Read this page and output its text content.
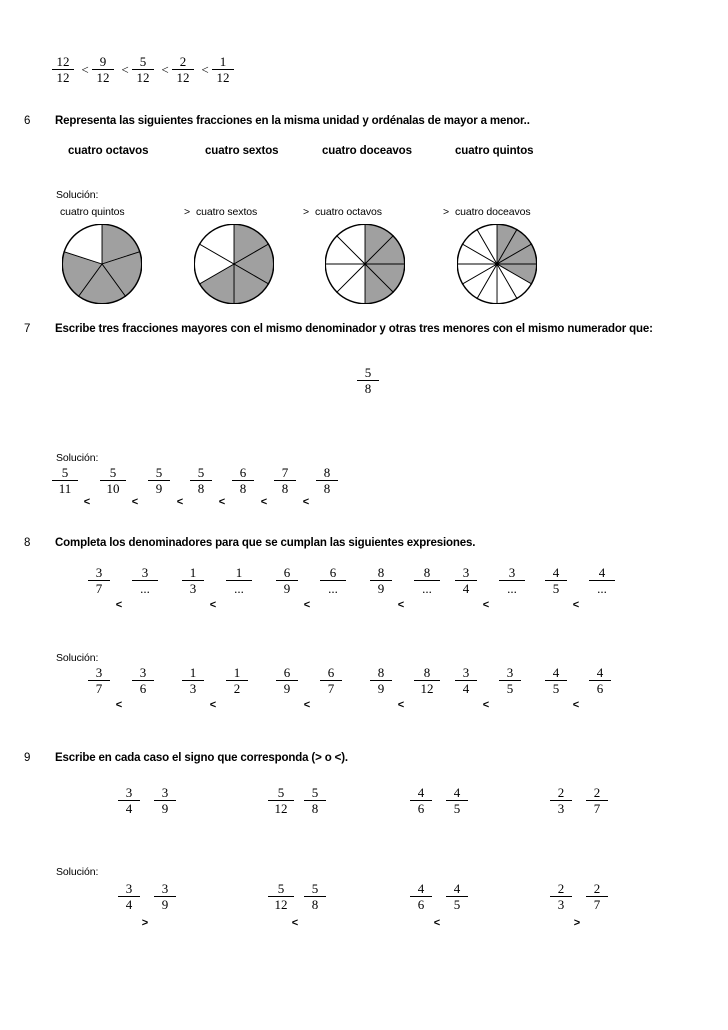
12
12
<
9
12
<
5
12
<
2
12
<
1
12
6 Representa las siguientes fracciones en la misma unidad y ordénalas de mayor a menor..
cuatro octavos	cuatro sextos	cuatro doceavos	cuatro quintos
Solución:
cuatro quintos	> cuatro sextos	> cuatro octavos	> cuatro doceavos
7 Escribe tres fracciones mayores con el mismo denominador y otras tres menores con el mismo numerador que:
5
8
Solución:
5
11
5
10
5
9
5
8
6
8
7
8
8
8
<	<	<	<	<	<
8 Completa los denominadores para que se cumplan las siguientes expresiones.
3
7
3
...
<
1
3
1
...
<
6
9
6
...
<
8
9
8
...
<
3
4
3
...
<
4
5
4
...
<
Solución:
3
7
3
6
<
1
3
1
2
<
6
9
6
7
<
8
9
8
12
<
3
4
3
5
<
4
5
4
6
<
9 Escribe en cada caso el signo que corresponda (> o <).
3
4
3
9
5
12
5
8
4
6
4
5
2
3
2
7
Solución:
3
4
3
9
>
5
12
5
8
<
4
6
4
5
<
2
3
2
7
>
